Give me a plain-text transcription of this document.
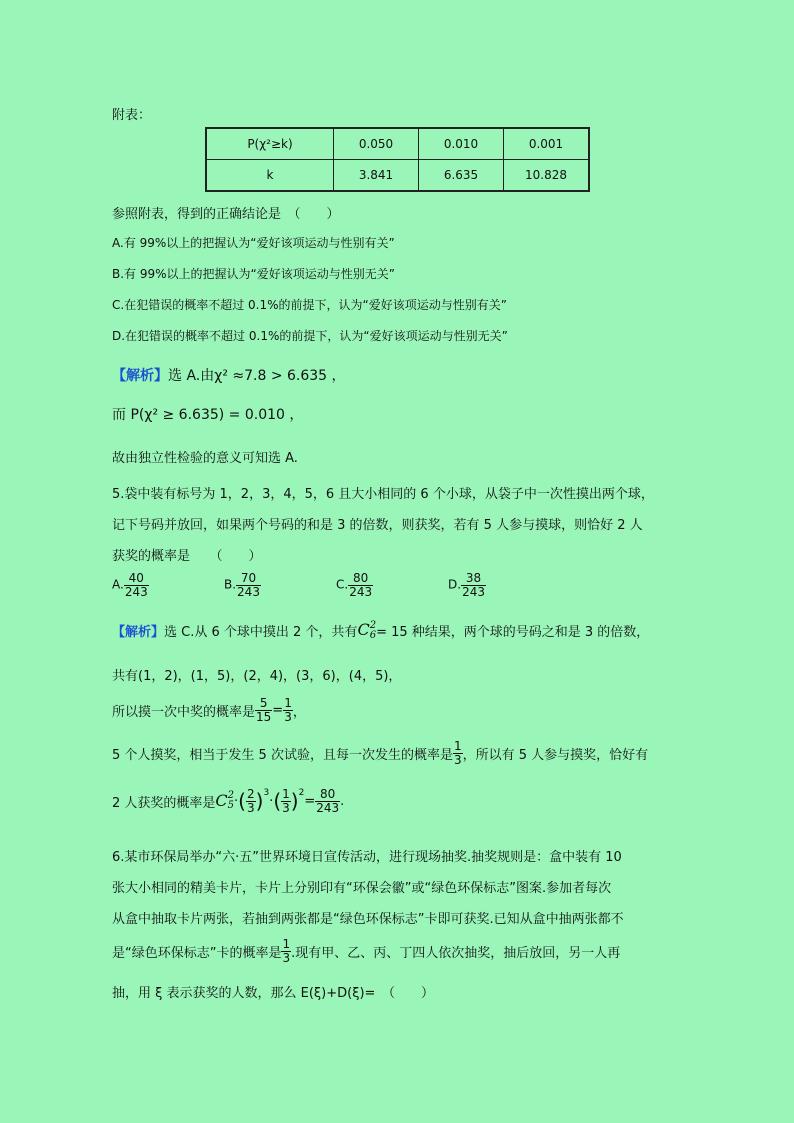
附表：
P(χ²≥k)	0.050	0.010	0.001
k	3.841	6.635	10.828
参照附表，得到的正确结论是　（　　）
A.有 99%以上的把握认为“爱好该项运动与性别有关”
B.有 99%以上的把握认为“爱好该项运动与性别无关”
C.在犯错误的概率不超过 0.1%的前提下，认为“爱好该项运动与性别有关”
D.在犯错误的概率不超过 0.1%的前提下，认为“爱好该项运动与性别无关”
【解析】选 A.由χ² ≈7.8 > 6.635 ，
而 P(χ² ≥ 6.635) = 0.010 ，
故由独立性检验的意义可知选 A.
5.袋中装有标号为 1，2，3，4，5，6 且大小相同的 6 个小球，从袋子中一次性摸出两个球，
记下号码并放回，如果两个号码的和是 3 的倍数，则获奖，若有 5 人参与摸球，则恰好 2 人
获奖的概率是　　（　　）
A. $\frac{40}{243}$	B. $\frac{70}{243}$	C. $\frac{80}{243}$	D. $\frac{38}{243}$
【解析】 选 C.从 6 个球中摸出 2 个，共有 C 2
6 = 15 种结果，两个球的号码之和是 3 的倍数，
共有(1，2)，(1，5)，(2，4)，(3，6)，(4，5)，
所以摸一次中奖的概率是 $\frac{5}{15} = \frac{1}{3}$ ，
5 个人摸奖，相当于发生 5 次试验，且每一次发生的概率是 $\frac{1}{3}$ ，所以有 5 人参与摸奖，恰好有
2 人获奖的概率是 C 2
5 · ( $\frac{2}{3} )^3$
· ( $\frac{1}{3} )^2$
= $\frac{80}{243}$ .
6.某市环保局举办“六·五”世界环境日宣传活动，进行现场抽奖.抽奖规则是：盒中装有 10
张大小相同的精美卡片，卡片上分别印有“环保会徽”或“绿色环保标志”图案.参加者每次
从盒中抽取卡片两张，若抽到两张都是“绿色环保标志”卡即可获奖.已知从盒中抽两张都不
是“绿色环保标志”卡的概率是 $\frac{1}{3}$ .现有甲、乙、丙、丁四人依次抽奖，抽后放回，另一人再
抽，用 ξ 表示获奖的人数，那么 E(ξ)+D(ξ)=　（　　）
